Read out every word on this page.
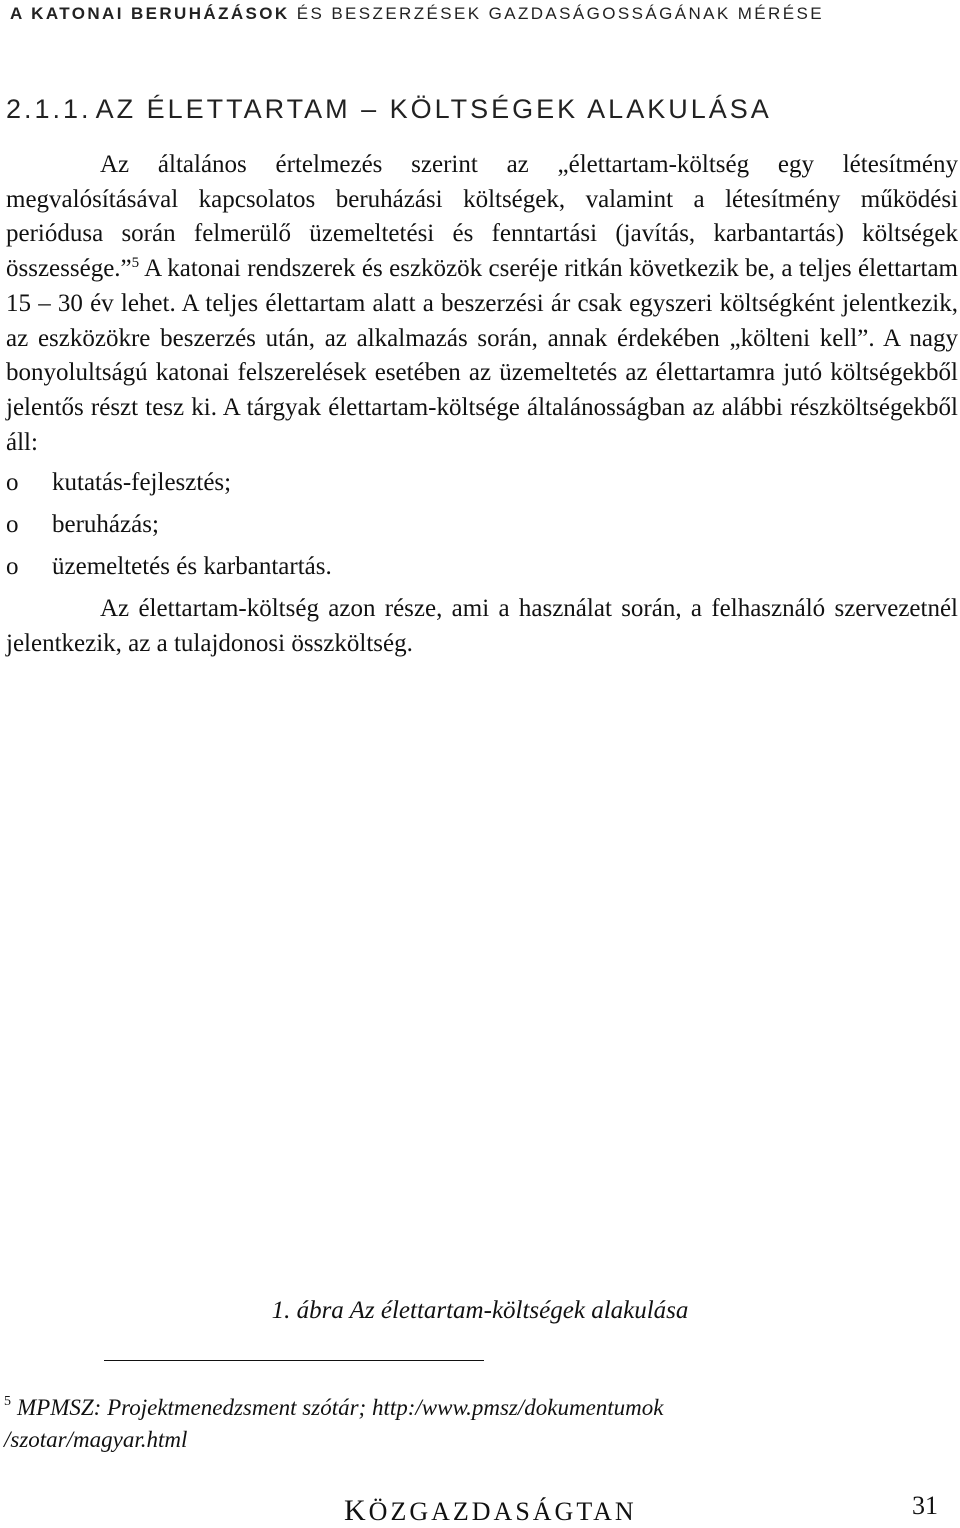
A KATONAI BERUHÁZÁSOK ÉS BESZERZÉSEK GAZDASÁGOSSÁGÁNAK MÉRÉSE
2.1.1. AZ ÉLETTARTAM – KÖLTSÉGEK ALAKULÁSA

Az általános értelmezés szerint az „élettartam-költség egy létesítmény megvalósításával kapcsolatos beruházási költségek, valamint a létesítmény működési periódusa során felmerülő üzemeltetési és fenntartási (javítás, karbantartás) költségek összessége.”$^5$ A katonai rendszerek és eszközök cseréje ritkán következik be, a teljes élettartam 15 – 30 év lehet. A teljes élettartam alatt a beszerzési ár csak egyszeri költségként jelentkezik, az eszközökre beszerzés után, az alkalmazás során, annak érdekében „költeni kell”. A nagy bonyolultságú katonai felszerelések esetében az üzemeltetés az élettartamra jutó költségekből jelentős részt tesz ki. A tárgyak élettartam-költsége általánosságban az alábbi részköltségekből áll:

o	kutatás-fejlesztés;
o	beruházás;
o	üzemeltetés és karbantartás.

Az élettartam-költség azon része, ami a használat során, a felhasználó szervezetnél jelentkezik, az a tulajdonosi összköltség.

1. ábra Az élettartam-költségek alakulása
$^5$ MPMSZ: Projektmenedzsment szótár; http:/www.pmsz/dokumentumok /szotar/magyar.html
KÖZGAZDASÁGTAN	31
